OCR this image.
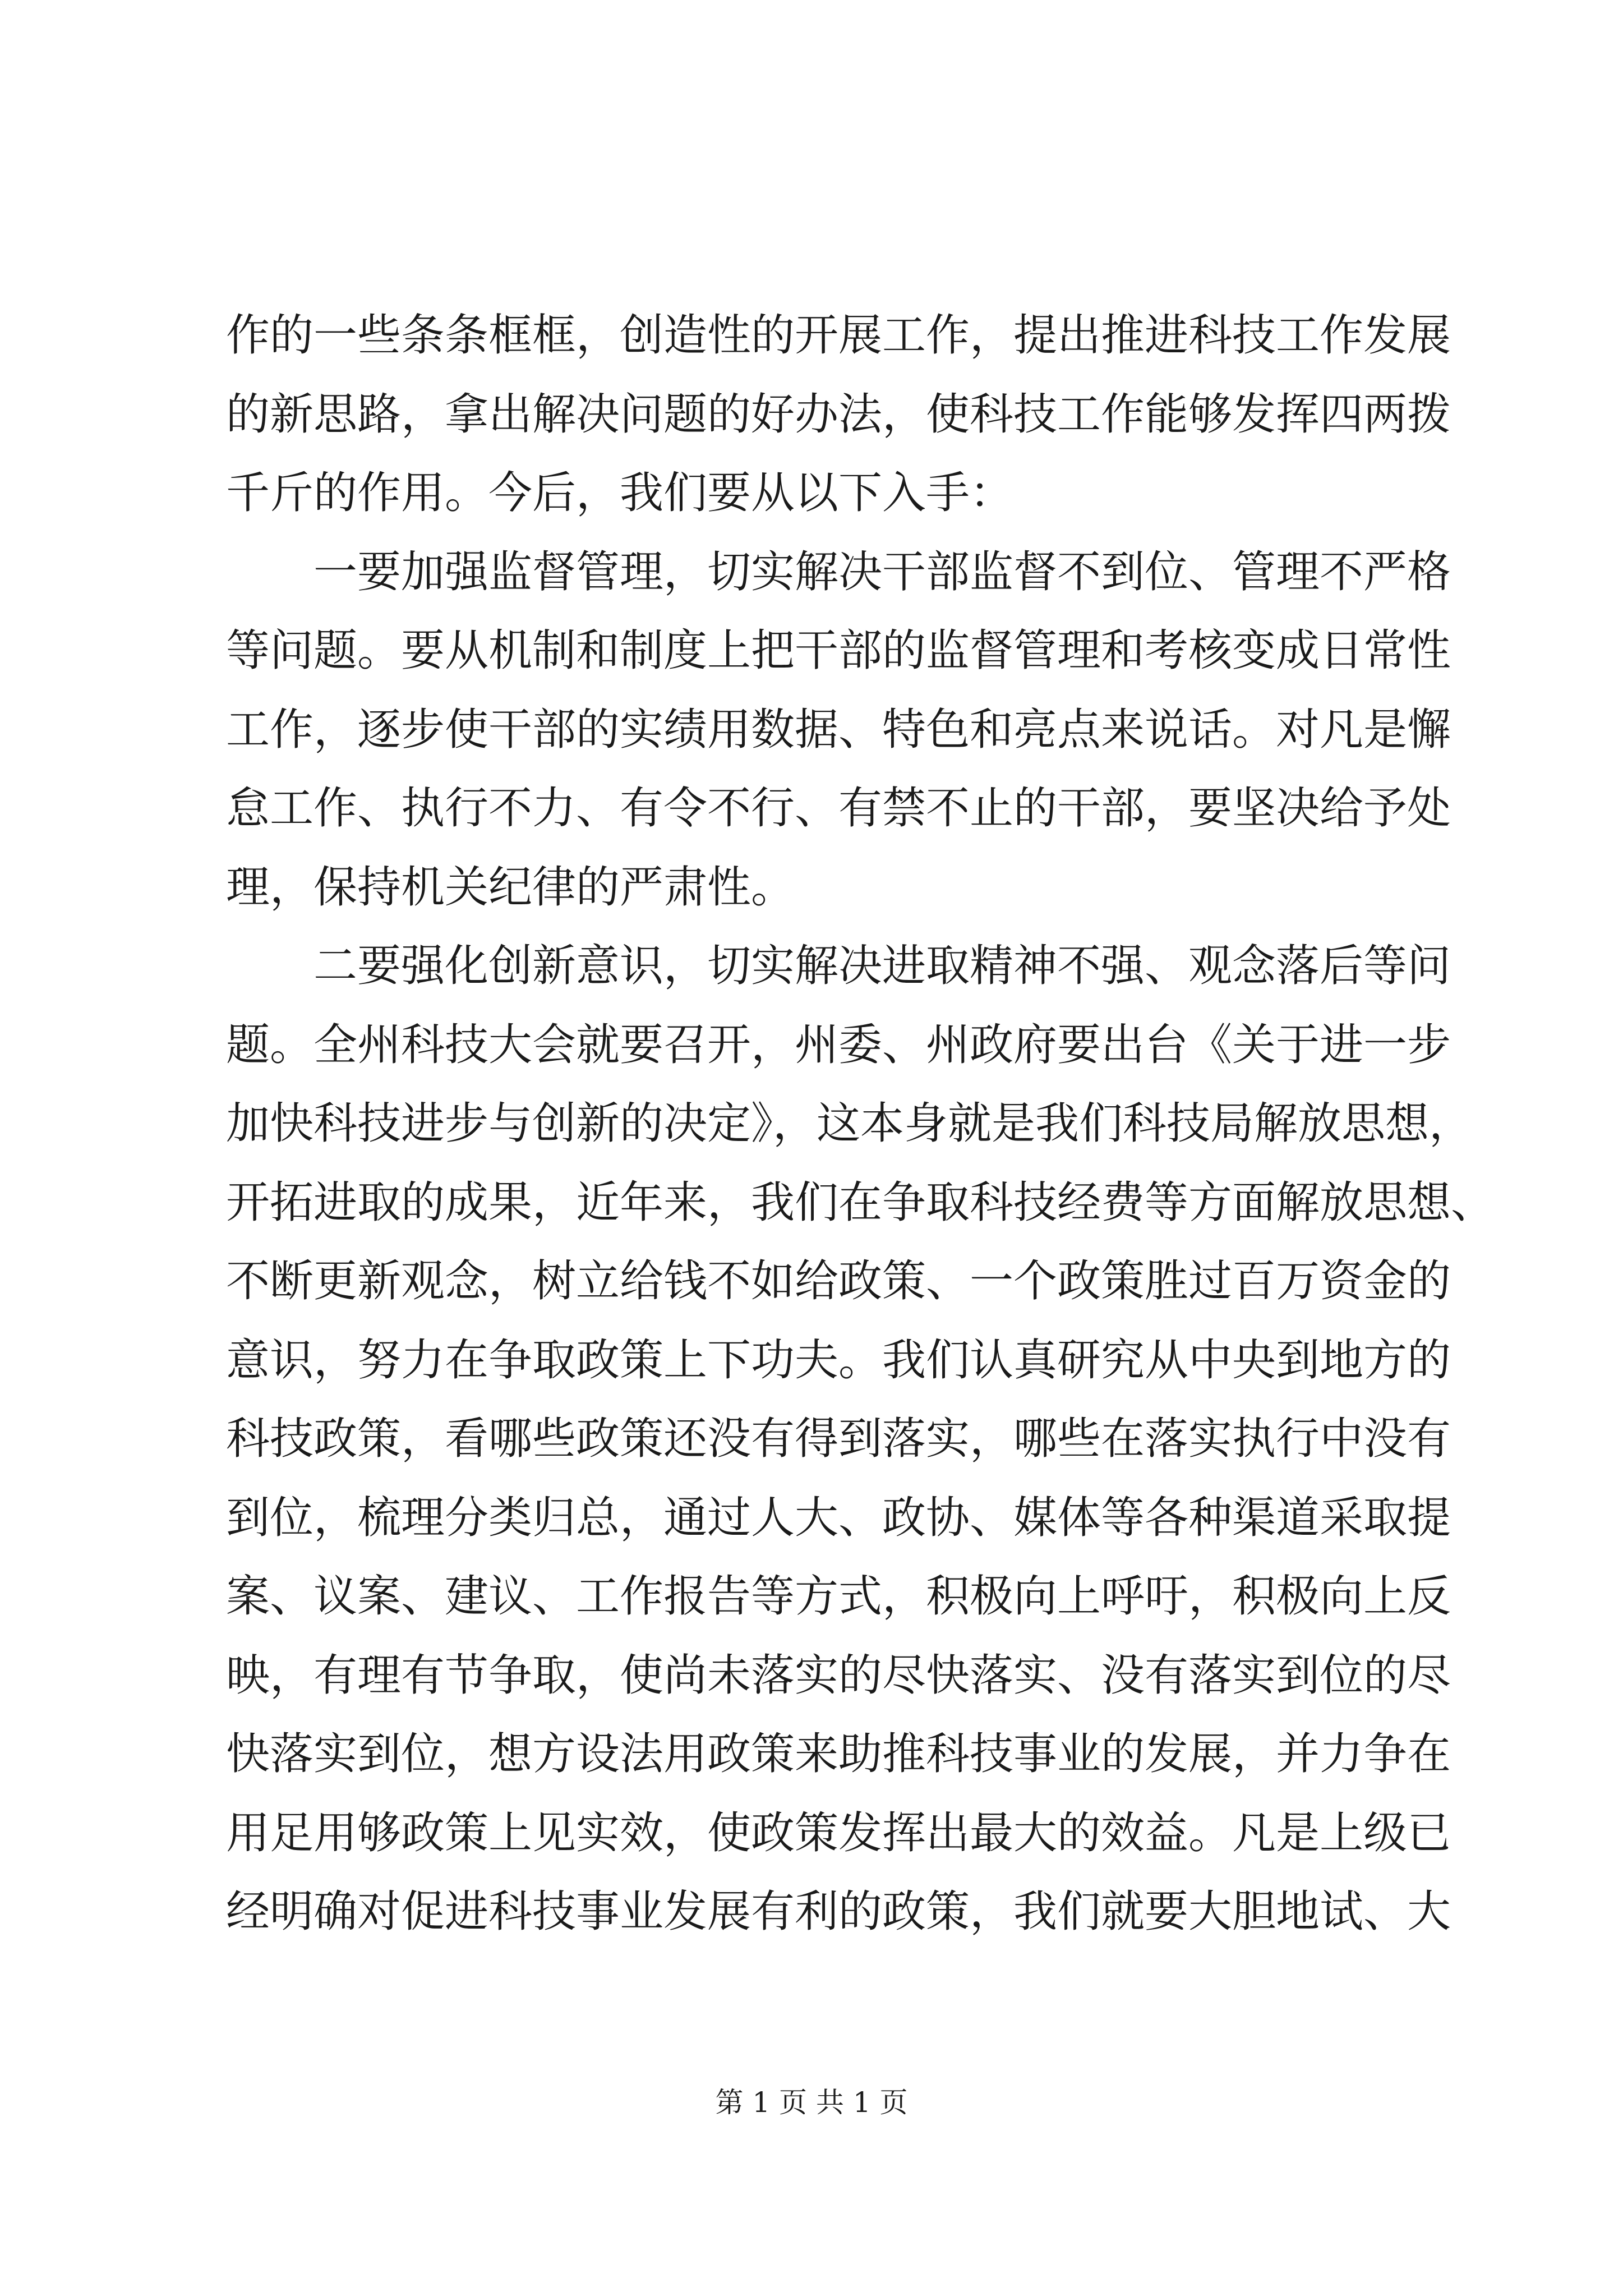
作的一些条条框框，创造性的开展工作，提出推进科技工作发展
的新思路，拿出解决问题的好办法，使科技工作能够发挥四两拨
千斤的作用。今后，我们要从以下入手：
一要加强监督管理，切实解决干部监督不到位、管理不严格
等问题。要从机制和制度上把干部的监督管理和考核变成日常性
工作，逐步使干部的实绩用数据、特色和亮点来说话。对凡是懈
怠工作、执行不力、有令不行、有禁不止的干部，要坚决给予处
理，保持机关纪律的严肃性。
二要强化创新意识，切实解决进取精神不强、观念落后等问
题。全州科技大会就要召开，州委、州政府要出台《关于进一步
加快科技进步与创新的决定》，这本身就是我们科技局解放思想，
开拓进取的成果，近年来，我们在争取科技经费等方面解放思想、
不断更新观念，树立给钱不如给政策、一个政策胜过百万资金的
意识，努力在争取政策上下功夫。我们认真研究从中央到地方的
科技政策，看哪些政策还没有得到落实，哪些在落实执行中没有
到位，梳理分类归总，通过人大、政协、媒体等各种渠道采取提
案、议案、建议、工作报告等方式，积极向上呼吁，积极向上反
映，有理有节争取，使尚未落实的尽快落实、没有落实到位的尽
快落实到位，想方设法用政策来助推科技事业的发展，并力争在
用足用够政策上见实效，使政策发挥出最大的效益。凡是上级已
经明确对促进科技事业发展有利的政策，我们就要大胆地试、大
第 1 页 共 1 页
